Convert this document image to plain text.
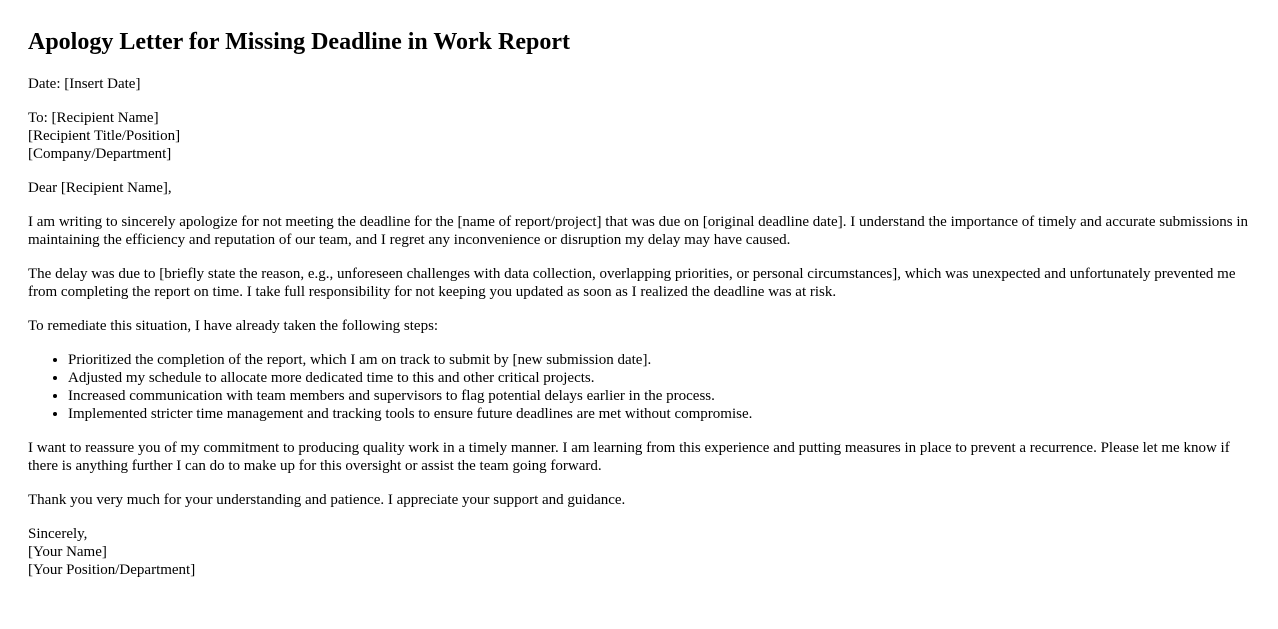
Apology Letter for Missing Deadline in Work Report

Date: [Insert Date]

To: [Recipient Name]
[Recipient Title/Position]
[Company/Department]

Dear [Recipient Name],

I am writing to sincerely apologize for not meeting the deadline for the [name of report/project] that was due on [original deadline date]. I understand the importance of timely and accurate submissions in maintaining the efficiency and reputation of our team, and I regret any inconvenience or disruption my delay may have caused.

The delay was due to [briefly state the reason, e.g., unforeseen challenges with data collection, overlapping priorities, or personal circumstances], which was unexpected and unfortunately prevented me from completing the report on time. I take full responsibility for not keeping you updated as soon as I realized the deadline was at risk.

To remediate this situation, I have already taken the following steps:

• Prioritized the completion of the report, which I am on track to submit by [new submission date].
• Adjusted my schedule to allocate more dedicated time to this and other critical projects.
• Increased communication with team members and supervisors to flag potential delays earlier in the process.
• Implemented stricter time management and tracking tools to ensure future deadlines are met without compromise.

I want to reassure you of my commitment to producing quality work in a timely manner. I am learning from this experience and putting measures in place to prevent a recurrence. Please let me know if there is anything further I can do to make up for this oversight or assist the team going forward.

Thank you very much for your understanding and patience. I appreciate your support and guidance.

Sincerely,
[Your Name]
[Your Position/Department]
